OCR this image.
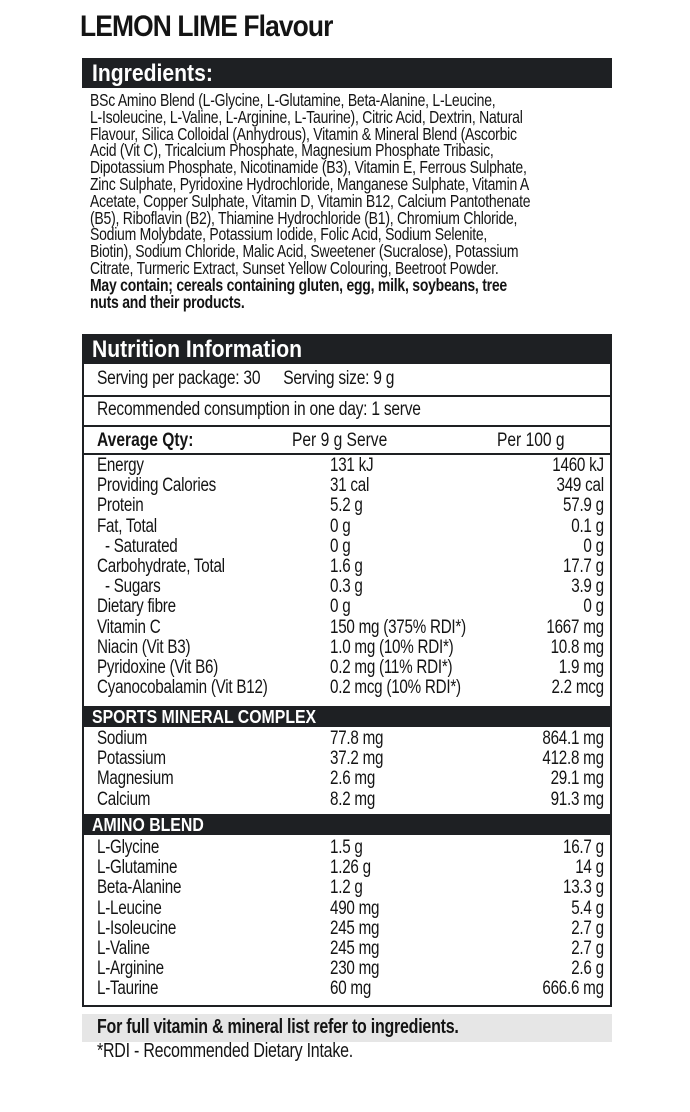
LEMON LIME Flavour
Ingredients:
BSc Amino Blend (L-Glycine, L-Glutamine, Beta-Alanine, L-Leucine,
L-Isoleucine, L-Valine, L-Arginine, L-Taurine), Citric Acid, Dextrin, Natural
Flavour, Silica Colloidal (Anhydrous), Vitamin & Mineral Blend (Ascorbic
Acid (Vit C), Tricalcium Phosphate, Magnesium Phosphate Tribasic,
Dipotassium Phosphate, Nicotinamide (B3), Vitamin E, Ferrous Sulphate,
Zinc Sulphate, Pyridoxine Hydrochloride, Manganese Sulphate, Vitamin A
Acetate, Copper Sulphate, Vitamin D, Vitamin B12, Calcium Pantothenate
(B5), Riboflavin (B2), Thiamine Hydrochloride (B1), Chromium Chloride,
Sodium Molybdate, Potassium Iodide, Folic Acid, Sodium Selenite,
Biotin), Sodium Chloride, Malic Acid, Sweetener (Sucralose), Potassium
Citrate, Turmeric Extract, Sunset Yellow Colouring, Beetroot Powder.
May contain; cereals containing gluten, egg, milk, soybeans, tree
nuts and their products.
Nutrition Information
Serving per package: 30 Serving size: 9 g
Recommended consumption in one day: 1 serve
Average Qty:	Per 9 g Serve	Per 100 g
Energy
Providing Calories
Protein
Fat, Total
- Saturated
Carbohydrate, Total
- Sugars
Dietary fibre
Vitamin C
Niacin (Vit B3)
Pyridoxine (Vit B6)
Cyanocobalamin (Vit B12)
131 kJ
31 cal
5.2 g
0 g
0 g
1.6 g
0.3 g
0 g
150 mg (375% RDI*)
1.0 mg (10% RDI*)
0.2 mg (11% RDI*)
0.2 mcg (10% RDI*)
1460 kJ
349 cal
57.9 g
0.1 g
0 g
17.7 g
3.9 g
0 g
1667 mg
10.8 mg
1.9 mg
2.2 mcg
SPORTS MINERAL COMPLEX
Sodium
Potassium
Magnesium
Calcium
77.8 mg
37.2 mg
2.6 mg
8.2 mg
864.1 mg
412.8 mg
29.1 mg
91.3 mg
AMINO BLEND
L-Glycine
L-Glutamine
Beta-Alanine
L-Leucine
L-Isoleucine
L-Valine
L-Arginine
L-Taurine
1.5 g
1.26 g
1.2 g
490 mg
245 mg
245 mg
230 mg
60 mg
16.7 g
14 g
13.3 g
5.4 g
2.7 g
2.7 g
2.6 g
666.6 mg
For full vitamin & mineral list refer to ingredients.
*RDI - Recommended Dietary Intake.
